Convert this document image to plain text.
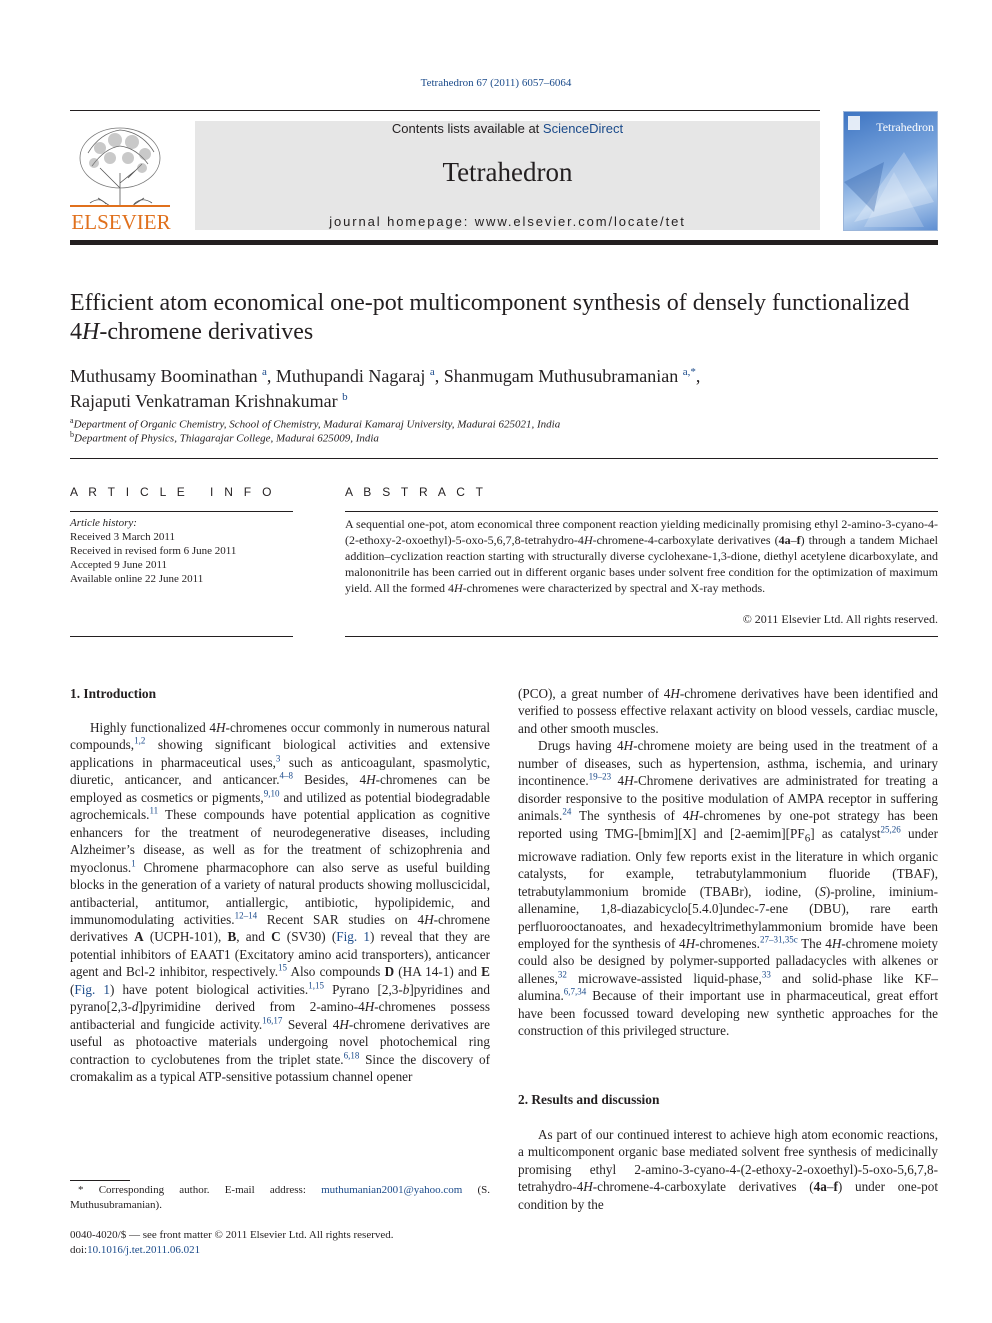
Tetrahedron 67 (2011) 6057–6064
ELSEVIER
Contents lists available at ScienceDirect
Tetrahedron
journal homepage: www.elsevier.com/locate/tet
Tetrahedron
Efficient atom economical one-pot multicomponent synthesis of densely functionalized 4H-chromene derivatives
Muthusamy Boominathan $^a$, Muthupandi Nagaraj $^a$, Shanmugam Muthusubramanian $^{a,*}$,
Rajaputi Venkatraman Krishnakumar $^b$
$^a$Department of Organic Chemistry, School of Chemistry, Madurai Kamaraj University, Madurai 625021, India
$^b$Department of Physics, Thiagarajar College, Madurai 625009, India
A R T I C L E   I N F O	A B S T R A C T
Article history:
Received 3 March 2011
Received in revised form 6 June 2011
Accepted 9 June 2011
Available online 22 June 2011
A sequential one-pot, atom economical three component reaction yielding medicinally promising ethyl 2-amino-3-cyano-4-(2-ethoxy-2-oxoethyl)-5-oxo-5,6,7,8-tetrahydro-4H-chromene-4-carboxylate derivatives (4a–f) through a tandem Michael addition–cyclization reaction starting with structurally diverse cyclohexane-1,3-dione, diethyl acetylene dicarboxylate, and malononitrile has been carried out in different organic bases under solvent free condition for the optimization of maximum yield. All the formed 4H-chromenes were characterized by spectral and X-ray methods.
© 2011 Elsevier Ltd. All rights reserved.
1. Introduction

Highly functionalized 4H-chromenes occur commonly in numerous natural compounds,$^{1,2}$ showing significant biological activities and extensive applications in pharmaceutical uses,$^3$ such as anticoagulant, spasmolytic, diuretic, anticancer, and anticancer.$^{4-8}$ Besides, 4H-chromenes can be employed as cosmetics or pigments,$^{9,10}$ and utilized as potential biodegradable agrochemicals.$^{11}$ These compounds have potential application as cognitive enhancers for the treatment of neurodegenerative diseases, including Alzheimer’s disease, as well as for the treatment of schizophrenia and myoclonus.$^1$ Chromene pharmacophore can also serve as useful building blocks in the generation of a variety of natural products showing molluscicidal, antibacterial, antitumor, antiallergic, antibiotic, hypolipidemic, and immunomodulating activities.$^{12-14}$ Recent SAR studies on 4H-chromene derivatives A (UCPH-101), B, and C (SV30) (Fig. 1) reveal that they are potential inhibitors of EAAT1 (Excitatory amino acid transporters), anticancer agent and Bcl-2 inhibitor, respectively.$^{15}$ Also compounds D (HA 14-1) and E (Fig. 1) have potent biological activities.$^{1,15}$ Pyrano [2,3-b]pyridines and pyrano[2,3-d]pyrimidine derived from 2-amino-4H-chromenes possess antibacterial and fungicide activity.$^{16,17}$ Several 4H-chromene derivatives are useful as photoactive materials undergoing novel photochemical ring contraction to cyclobutenes from the triplet state.$^{6,18}$ Since the discovery of cromakalim as a typical ATP-sensitive potassium channel opener

(PCO), a great number of 4H-chromene derivatives have been identified and verified to possess effective relaxant activity on blood vessels, cardiac muscle, and other smooth muscles.

Drugs having 4H-chromene moiety are being used in the treatment of a number of diseases, such as hypertension, asthma, ischemia, and urinary incontinence.$^{19-23}$ 4H-Chromene derivatives are administrated for treating a disorder responsive to the positive modulation of AMPA receptor in suffering animals.$^{24}$ The synthesis of 4H-chromenes by one-pot strategy has been reported using TMG-[bmim][X] and $[2-aemim][PF_6]$ as catalyst$^{25,26}$ under microwave radiation. Only few reports exist in the literature in which organic catalysts, for example, tetrabutylammonium fluoride (TBAF), tetrabutylammonium bromide (TBABr), iodine, (S)-proline, iminium-allenamine, 1,8-diazabicyclo[5.4.0]undec-7-ene (DBU), rare earth perfluorooctanoates, and hexadecyltrimethylammonium bromide have been employed for the synthesis of 4H-chromenes.$^{27-31,35c}$ The 4H-chromene moiety could also be designed by polymer-supported palladacycles with alkenes or allenes,$^{32}$ microwave-assisted liquid-phase,$^{33}$ and solid-phase like KF–alumina.$^{6,7,34}$ Because of their important use in pharmaceutical, great effort have been focussed toward developing new synthetic approaches for the construction of this privileged structure.

2. Results and discussion

As part of our continued interest to achieve high atom economic reactions, a multicomponent organic base mediated solvent free synthesis of medicinally promising ethyl 2-amino-3-cyano-4-(2-ethoxy-2-oxoethyl)-5-oxo-5,6,7,8-tetrahydro-4H-chromene-4-carboxylate derivatives (4a–f) under one-pot condition by the

* Corresponding author. E-mail address: muthumanian2001@yahoo.com (S. Muthusubramanian).
0040-4020/$ — see front matter © 2011 Elsevier Ltd. All rights reserved.
doi:10.1016/j.tet.2011.06.021
